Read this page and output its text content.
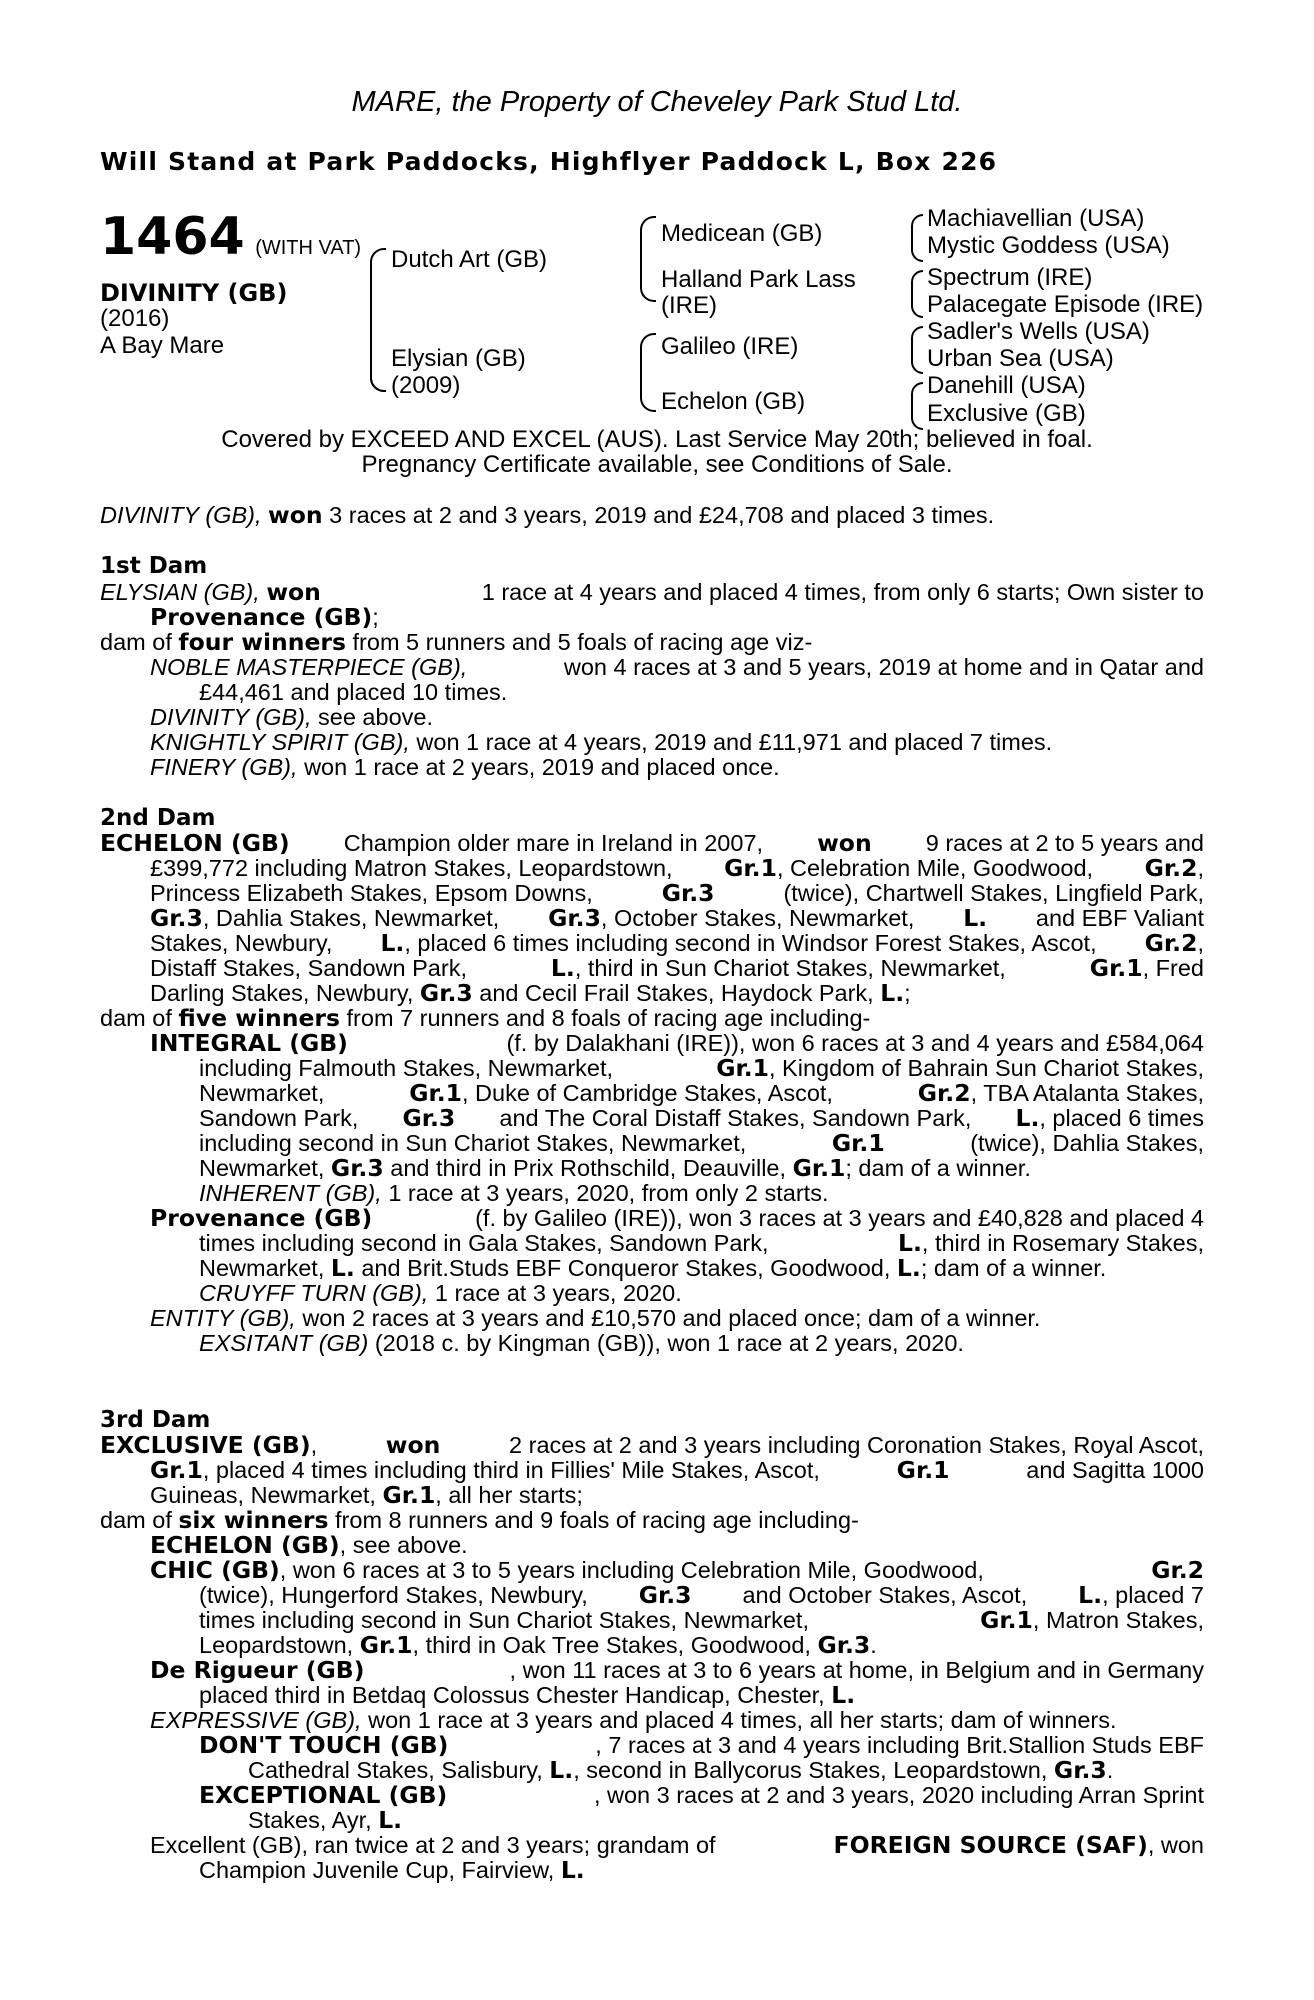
MARE, the Property of Cheveley Park Stud Ltd.
Will Stand at Park Paddocks, Highflyer Paddock L, Box 226
1464 (WITH VAT)
DIVINITY (GB)
(2016)
A Bay Mare
Dutch Art (GB)
Elysian (GB)
(2009)
Medicean (GB)
Halland Park Lass
(IRE)
Galileo (IRE)
Echelon (GB)
Machiavellian (USA)
Mystic Goddess (USA)
Spectrum (IRE)
Palacegate Episode (IRE)
Sadler's Wells (USA)
Urban Sea (USA)
Danehill (USA)
Exclusive (GB)
Covered by EXCEED AND EXCEL (AUS). Last Service May 20th; believed in foal.
Pregnancy Certificate available, see Conditions of Sale.
DIVINITY (GB), won 3 races at 2 and 3 years, 2019 and £24,708 and placed 3 times.
1st Dam
ELYSIAN (GB), won	1 race at 4 years and placed 4 times, from only 6 starts; Own sister to
Provenance (GB);
dam of four winners from 5 runners and 5 foals of racing age viz-
NOBLE MASTERPIECE (GB),	won 4 races at 3 and 5 years, 2019 at home and in Qatar and
£44,461 and placed 10 times.
DIVINITY (GB), see above.
KNIGHTLY SPIRIT (GB), won 1 race at 4 years, 2019 and £11,971 and placed 7 times.
FINERY (GB), won 1 race at 2 years, 2019 and placed once.
2nd Dam
ECHELON (GB) Champion older mare in Ireland in 2007, won 9 races at 2 to 5 years and
£399,772 including Matron Stakes, Leopardstown, Gr.1, Celebration Mile, Goodwood, Gr.2,
Princess Elizabeth Stakes, Epsom Downs,	Gr.3	(twice), Chartwell Stakes, Lingfield Park,
Gr.3, Dahlia Stakes, Newmarket, Gr.3, October Stakes, Newmarket, L. and EBF Valiant
Stakes, Newbury, L., placed 6 times including second in Windsor Forest Stakes, Ascot, Gr.2,
Distaff Stakes, Sandown Park,	L., third in Sun Chariot Stakes, Newmarket,	Gr.1, Fred
Darling Stakes, Newbury, Gr.3 and Cecil Frail Stakes, Haydock Park, L.;
dam of five winners from 7 runners and 8 foals of racing age including-
INTEGRAL (GB)	(f. by Dalakhani (IRE)), won 6 races at 3 and 4 years and £584,064
including Falmouth Stakes, Newmarket,	Gr.1, Kingdom of Bahrain Sun Chariot Stakes,
Newmarket,	Gr.1, Duke of Cambridge Stakes, Ascot,	Gr.2, TBA Atalanta Stakes,
Sandown Park, Gr.3 and The Coral Distaff Stakes, Sandown Park, L., placed 6 times
including second in Sun Chariot Stakes, Newmarket,	Gr.1	(twice), Dahlia Stakes,
Newmarket, Gr.3 and third in Prix Rothschild, Deauville, Gr.1; dam of a winner.
INHERENT (GB), 1 race at 3 years, 2020, from only 2 starts.
Provenance (GB)	(f. by Galileo (IRE)), won 3 races at 3 years and £40,828 and placed 4
times including second in Gala Stakes, Sandown Park,	L., third in Rosemary Stakes,
Newmarket, L. and Brit.Studs EBF Conqueror Stakes, Goodwood, L.; dam of a winner.
CRUYFF TURN (GB), 1 race at 3 years, 2020.
ENTITY (GB), won 2 races at 3 years and £10,570 and placed once; dam of a winner.
EXSITANT (GB) (2018 c. by Kingman (GB)), won 1 race at 2 years, 2020.
3rd Dam
EXCLUSIVE (GB),	won	2 races at 2 and 3 years including Coronation Stakes, Royal Ascot,
Gr.1, placed 4 times including third in Fillies' Mile Stakes, Ascot,	Gr.1	and Sagitta 1000
Guineas, Newmarket, Gr.1, all her starts;
dam of six winners from 8 runners and 9 foals of racing age including-
ECHELON (GB), see above.
CHIC (GB), won 6 races at 3 to 5 years including Celebration Mile, Goodwood,	Gr.2
(twice), Hungerford Stakes, Newbury, Gr.3 and October Stakes, Ascot, L., placed 7
times including second in Sun Chariot Stakes, Newmarket,	Gr.1, Matron Stakes,
Leopardstown, Gr.1, third in Oak Tree Stakes, Goodwood, Gr.3.
De Rigueur (GB)	, won 11 races at 3 to 6 years at home, in Belgium and in Germany
placed third in Betdaq Colossus Chester Handicap, Chester, L.
EXPRESSIVE (GB), won 1 race at 3 years and placed 4 times, all her starts; dam of winners.
DON'T TOUCH (GB)	, 7 races at 3 and 4 years including Brit.Stallion Studs EBF
Cathedral Stakes, Salisbury, L., second in Ballycorus Stakes, Leopardstown, Gr.3.
EXCEPTIONAL (GB)	, won 3 races at 2 and 3 years, 2020 including Arran Sprint
Stakes, Ayr, L.
Excellent (GB), ran twice at 2 and 3 years; grandam of	FOREIGN SOURCE (SAF), won
Champion Juvenile Cup, Fairview, L.
